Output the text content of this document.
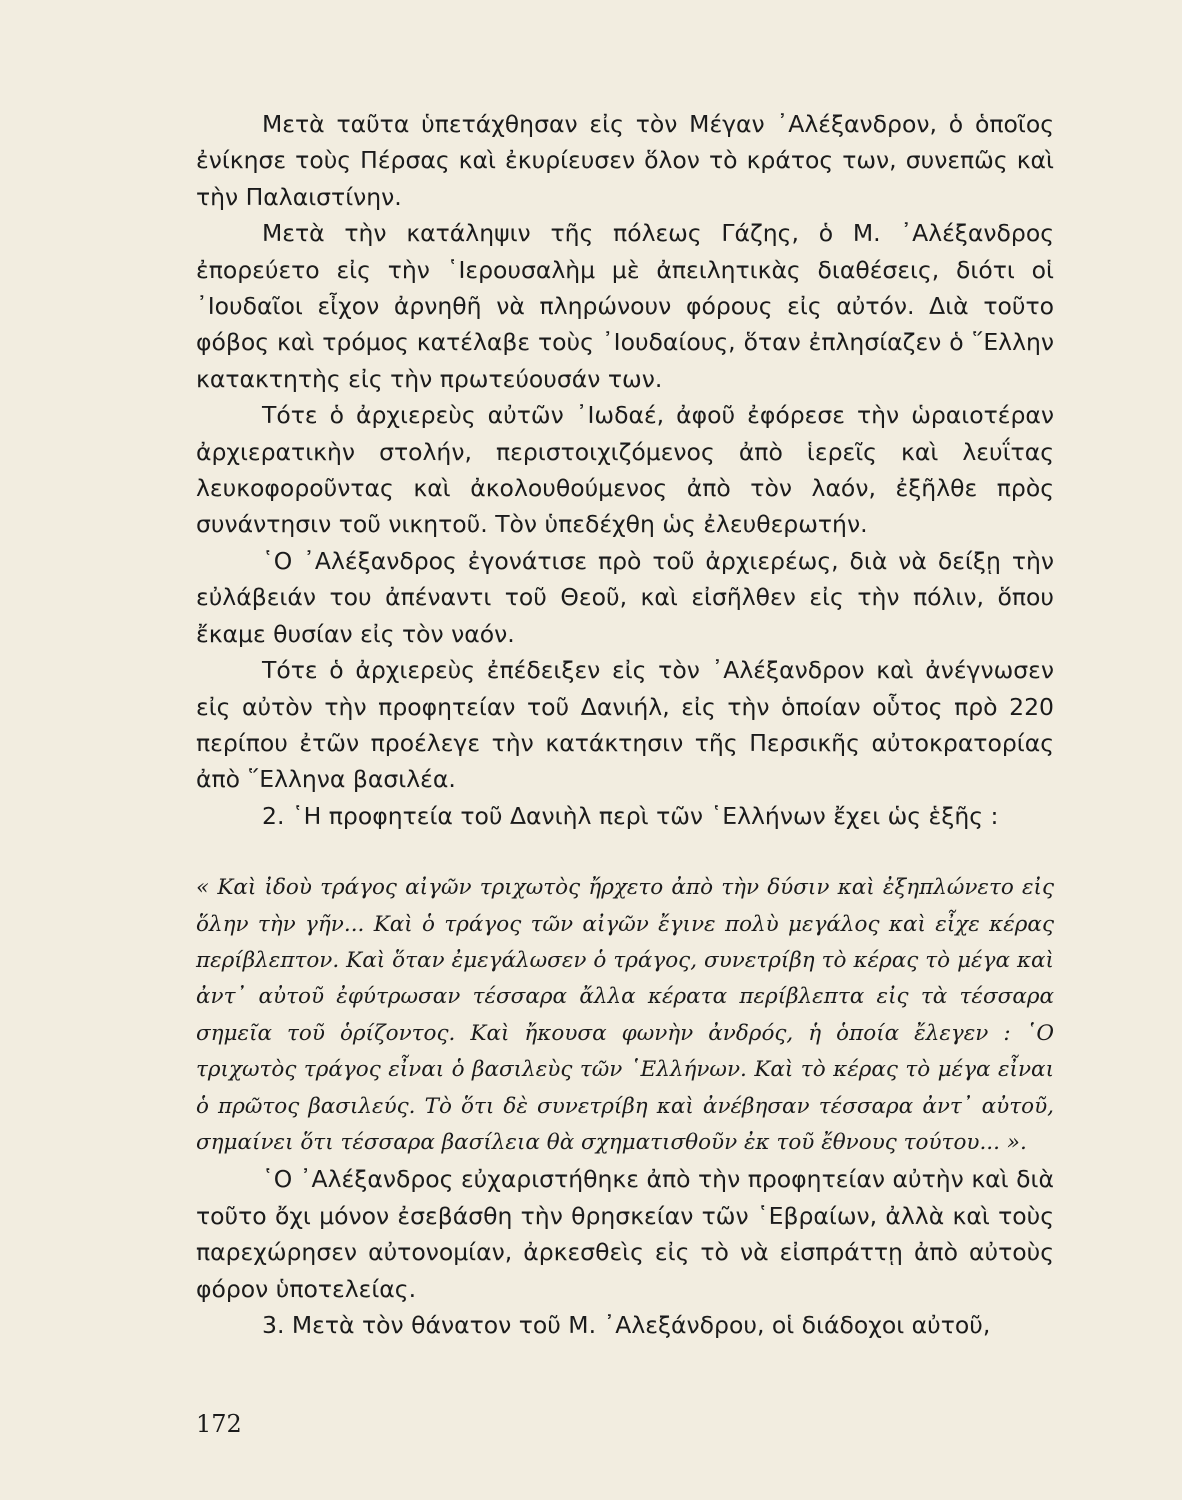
Μετὰ ταῦτα ὑπετάχθησαν εἰς τὸν Μέγαν ᾿Αλέξανδρον, ὁ ὁποῖος ἐνίκησε τοὺς Πέρσας καὶ ἐκυρίευσεν ὅλον τὸ κράτος των, συνεπῶς καὶ τὴν Παλαιστίνην.

Μετὰ τὴν κατάληψιν τῆς πόλεως Γάζης, ὁ Μ. ᾿Αλέξανδρος ἐπορεύετο εἰς τὴν ῾Ιερουσαλὴμ μὲ ἀπειλητικὰς διαθέσεις, διότι οἱ ᾿Ιουδαῖοι εἶχον ἀρνηθῆ νὰ πληρώνουν φόρους εἰς αὐτόν. Διὰ τοῦτο φόβος καὶ τρόμος κατέλαβε τοὺς ᾿Ιουδαίους, ὅταν ἐπλησίαζεν ὁ ῞Ελλην κατακτητὴς εἰς τὴν πρωτεύουσάν των.

Τότε ὁ ἀρχιερεὺς αὐτῶν ᾿Ιωδαέ, ἀφοῦ ἐφόρεσε τὴν ὡραιοτέραν ἀρχιερατικὴν στολήν, περιστοιχιζόμενος ἀπὸ ἱερεῖς καὶ λευΐτας λευκοφοροῦντας καὶ ἀκολουθούμενος ἀπὸ τὸν λαόν, ἐξῆλθε πρὸς συνάντησιν τοῦ νικητοῦ. Τὸν ὑπεδέχθη ὡς ἐλευθερωτήν.

῾Ο ᾿Αλέξανδρος ἐγονάτισε πρὸ τοῦ ἀρχιερέως, διὰ νὰ δείξῃ τὴν εὐλάβειάν του ἀπέναντι τοῦ Θεοῦ, καὶ εἰσῆλθεν εἰς τὴν πόλιν, ὅπου ἔκαμε θυσίαν εἰς τὸν ναόν.

Τότε ὁ ἀρχιερεὺς ἐπέδειξεν εἰς τὸν ᾿Αλέξανδρον καὶ ἀνέγνωσεν εἰς αὐτὸν τὴν προφητείαν τοῦ Δανιήλ, εἰς τὴν ὁποίαν οὗτος πρὸ 220 περίπου ἐτῶν προέλεγε τὴν κατάκτησιν τῆς Περσικῆς αὐτοκρατορίας ἀπὸ ῞Ελληνα βασιλέα.

2. ῾Η προφητεία τοῦ Δανιὴλ περὶ τῶν ῾Ελλήνων ἔχει ὡς ἑξῆς :

« Καὶ ἰδοὺ τράγος αἰγῶν τριχωτὸς ἤρχετο ἀπὸ τὴν δύσιν καὶ ἐξηπλώνετο εἰς ὅλην τὴν γῆν... Καὶ ὁ τράγος τῶν αἰγῶν ἔγινε πολὺ μεγάλος καὶ εἶχε κέρας περίβλεπτον. Καὶ ὅταν ἐμεγάλωσεν ὁ τράγος, συνετρίβη τὸ κέρας τὸ μέγα καὶ ἀντ᾿ αὐτοῦ ἐφύτρωσαν τέσσαρα ἄλλα κέρατα περίβλεπτα εἰς τὰ τέσσαρα σημεῖα τοῦ ὁρίζοντος. Καὶ ἤκουσα φωνὴν ἀνδρός, ἡ ὁποία ἔλεγεν : ῾Ο τριχωτὸς τράγος εἶναι ὁ βασιλεὺς τῶν ῾Ελλήνων. Καὶ τὸ κέρας τὸ μέγα εἶναι ὁ πρῶτος βασιλεύς. Τὸ ὅτι δὲ συνετρίβη καὶ ἀνέβησαν τέσσαρα ἀντ᾿ αὐτοῦ, σημαίνει ὅτι τέσσαρα βασίλεια θὰ σχηματισθοῦν ἐκ τοῦ ἔθνους τούτου... ».

῾Ο ᾿Αλέξανδρος εὐχαριστήθηκε ἀπὸ τὴν προφητείαν αὐτὴν καὶ διὰ τοῦτο ὄχι μόνον ἐσεβάσθη τὴν θρησκείαν τῶν ῾Εβραίων, ἀλλὰ καὶ τοὺς παρεχώρησεν αὐτονομίαν, ἀρκεσθεὶς εἰς τὸ νὰ εἰσπράττῃ ἀπὸ αὐτοὺς φόρον ὑποτελείας.

3. Μετὰ τὸν θάνατον τοῦ Μ. ᾿Αλεξάνδρου, οἱ διάδοχοι αὐτοῦ,

172
